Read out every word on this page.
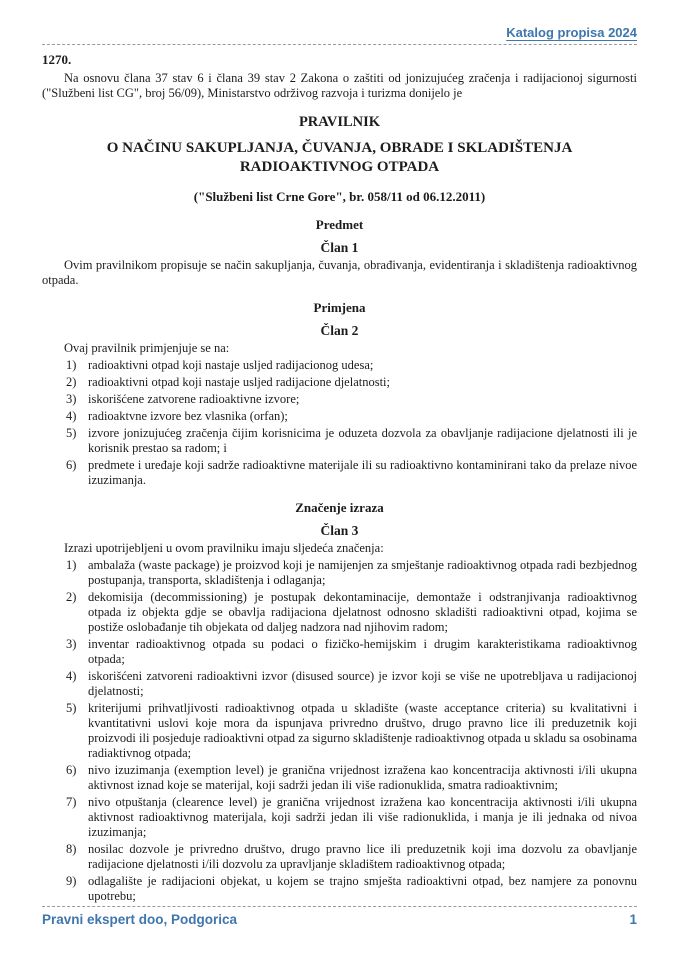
Katalog propisa 2024
1270.
Na osnovu člana 37 stav 6 i člana 39 stav 2 Zakona o zaštiti od jonizujućeg zračenja i radijacionoj sigurnosti ("Službeni list CG", broj 56/09), Ministarstvo održivog razvoja i turizma donijelo je
PRAVILNIK
O NAČINU SAKUPLJANJA, ČUVANJA, OBRADE I SKLADIŠTENJA RADIOAKTIVNOG OTPADA
("Službeni list Crne Gore", br. 058/11 od 06.12.2011)
Predmet
Član 1
Ovim pravilnikom propisuje se način sakupljanja, čuvanja, obrađivanja, evidentiranja i skladištenja radioaktivnog otpada.
Primjena
Član 2
Ovaj pravilnik primjenjuje se na:
1) radioaktivni otpad koji nastaje usljed radijacionog udesa;
2) radioaktivni otpad koji nastaje usljed radijacione djelatnosti;
3) iskorišćene zatvorene radioaktivne izvore;
4) radioaktvne izvore bez vlasnika (orfan);
5) izvore jonizujućeg zračenja čijim korisnicima je oduzeta dozvola za obavljanje radijacione djelatnosti ili je korisnik prestao sa radom; i
6) predmete i uređaje koji sadrže radioaktivne materijale ili su radioaktivno kontaminirani tako da prelaze nivoe izuzimanja.
Značenje izraza
Član 3
Izrazi upotrijebljeni u ovom pravilniku imaju sljedeća značenja:
1) ambalaža (waste package) je proizvod koji je namijenjen za smještanje radioaktivnog otpada radi bezbjednog postupanja, transporta, skladištenja i odlaganja;
2) dekomisija (decommissioning) je postupak dekontaminacije, demontaže i odstranjivanja radioaktivnog otpada iz objekta gdje se obavlja radijaciona djelatnost odnosno skladišti radioaktivni otpad, kojima se postiže oslobađanje tih objekata od daljeg nadzora nad njihovim radom;
3) inventar radioaktivnog otpada su podaci o fizičko-hemijskim i drugim karakteristikama radioaktivnog otpada;
4) iskorišćeni zatvoreni radioaktivni izvor (disused source) je izvor koji se više ne upotrebljava u radijacionoj djelatnosti;
5) kriterijumi prihvatljivosti radioaktivnog otpada u skladište (waste acceptance criteria) su kvalitativni i kvantitativni uslovi koje mora da ispunjava privredno društvo, drugo pravno lice ili preduzetnik koji proizvodi ili posjeduje radioaktivni otpad za sigurno skladištenje radioaktivnog otpada u skladu sa osobinama radiaktivnog otpada;
6) nivo izuzimanja (exemption level) je granična vrijednost izražena kao koncentracija aktivnosti i/ili ukupna aktivnost iznad koje se materijal, koji sadrži jedan ili više radionuklida, smatra radioaktivnim;
7) nivo otpuštanja (clearence level) je granična vrijednost izražena kao koncentracija aktivnosti i/ili ukupna aktivnost radioaktivnog materijala, koji sadrži jedan ili više radionuklida, i manja je ili jednaka od nivoa izuzimanja;
8) nosilac dozvole je privredno društvo, drugo pravno lice ili preduzetnik koji ima dozvolu za obavljanje radijacione djelatnosti i/ili dozvolu za upravljanje skladištem radioaktivnog otpada;
9) odlagalište je radijacioni objekat, u kojem se trajno smješta radioaktivni otpad, bez namjere za ponovnu upotrebu;
Pravni ekspert doo, Podgorica	1
